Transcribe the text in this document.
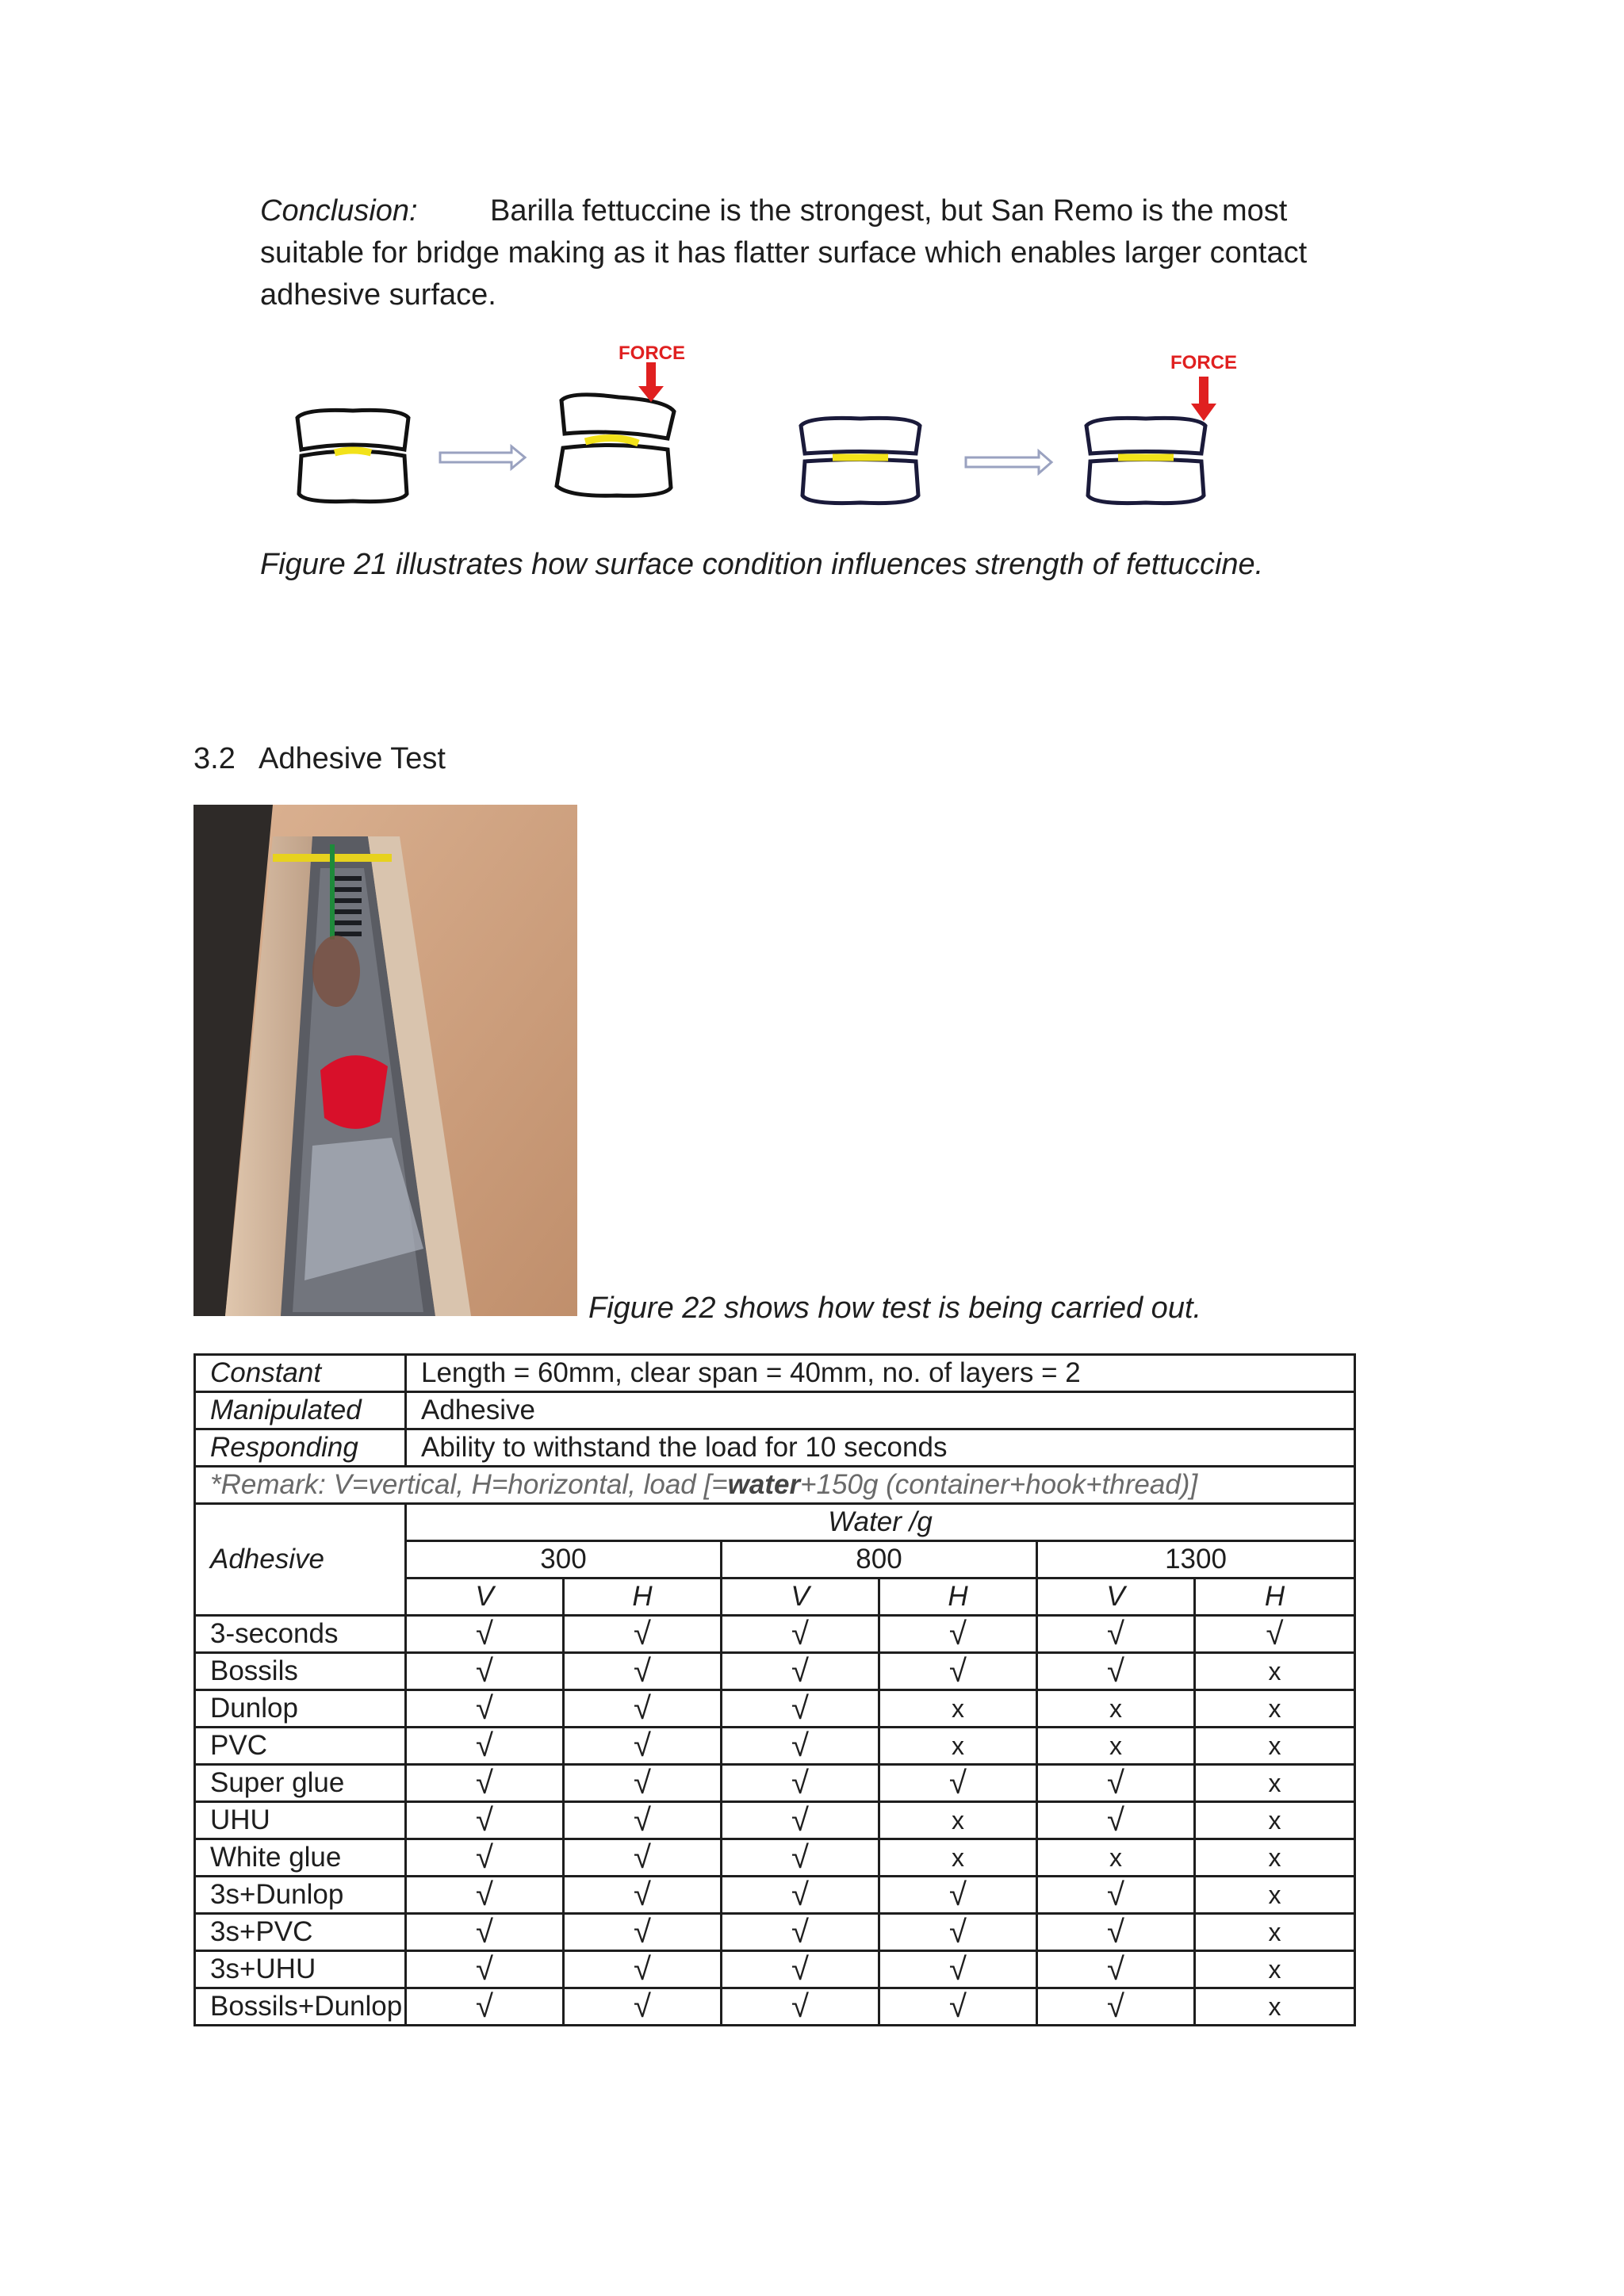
Conclusion: Barilla fettuccine is the strongest, but San Remo is the most
suitable for bridge making as it has flatter surface which enables larger contact
adhesive surface.
FORCE	FORCE
Figure 21 illustrates how surface condition influences strength of fettuccine.
3.2 Adhesive Test
Figure 22 shows how test is being carried out.
Constant	Length = 60mm, clear span = 40mm, no. of layers = 2					
Manipulated	Adhesive					
Responding	Ability to withstand the load for 10 seconds					
*Remark: V=vertical, H=horizontal, load [=water+150g (container+hook+thread)]						
Adhesive	Water /g					
	300		800		1300	
	V	H	V	H	V	H
3-seconds	√	√	√	√	√	√
Bossils	√	√	√	√	√	x
Dunlop	√	√	√	x	x	x
PVC	√	√	√	x	x	x
Super glue	√	√	√	√	√	x
UHU	√	√	√	x	√	x
White glue	√	√	√	x	x	x
3s+Dunlop	√	√	√	√	√	x
3s+PVC	√	√	√	√	√	x
3s+UHU	√	√	√	√	√	x
Bossils+Dunlop	√	√	√	√	√	x
